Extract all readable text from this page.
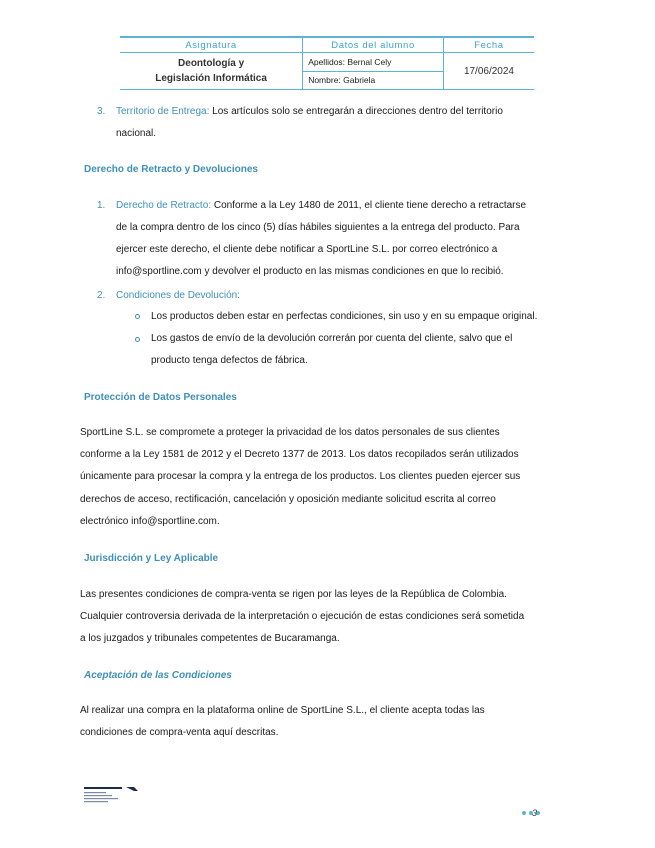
Asignatura	Datos del alumno	Fecha

Deontología y
Legislación Informática	Apellidos: Bernal Cely	17/06/2024
	Nombre: Gabriela	
3. Territorio de Entrega: Los artículos solo se entregarán a direcciones dentro del territorio
nacional.
Derecho de Retracto y Devoluciones
1. Derecho de Retracto: Conforme a la Ley 1480 de 2011, el cliente tiene derecho a retractarse
de la compra dentro de los cinco (5) días hábiles siguientes a la entrega del producto. Para
ejercer este derecho, el cliente debe notificar a SportLine S.L. por correo electrónico a
info@sportline.com y devolver el producto en las mismas condiciones en que lo recibió.
2. Condiciones de Devolución:
Los productos deben estar en perfectas condiciones, sin uso y en su empaque original.
Los gastos de envío de la devolución correrán por cuenta del cliente, salvo que el
producto tenga defectos de fábrica.
Protección de Datos Personales
SportLine S.L. se compromete a proteger la privacidad de los datos personales de sus clientes
conforme a la Ley 1581 de 2012 y el Decreto 1377 de 2013. Los datos recopilados serán utilizados
únicamente para procesar la compra y la entrega de los productos. Los clientes pueden ejercer sus
derechos de acceso, rectificación, cancelación y oposición mediante solicitud escrita al correo
electrónico info@sportline.com.
Jurisdicción y Ley Aplicable
Las presentes condiciones de compra-venta se rigen por las leyes de la República de Colombia.
Cualquier controversia derivada de la interpretación o ejecución de estas condiciones será sometida
a los juzgados y tribunales competentes de Bucaramanga.
Aceptación de las Condiciones
Al realizar una compra en la plataforma online de SportLine S.L., el cliente acepta todas las
condiciones de compra-venta aquí descritas.
3
